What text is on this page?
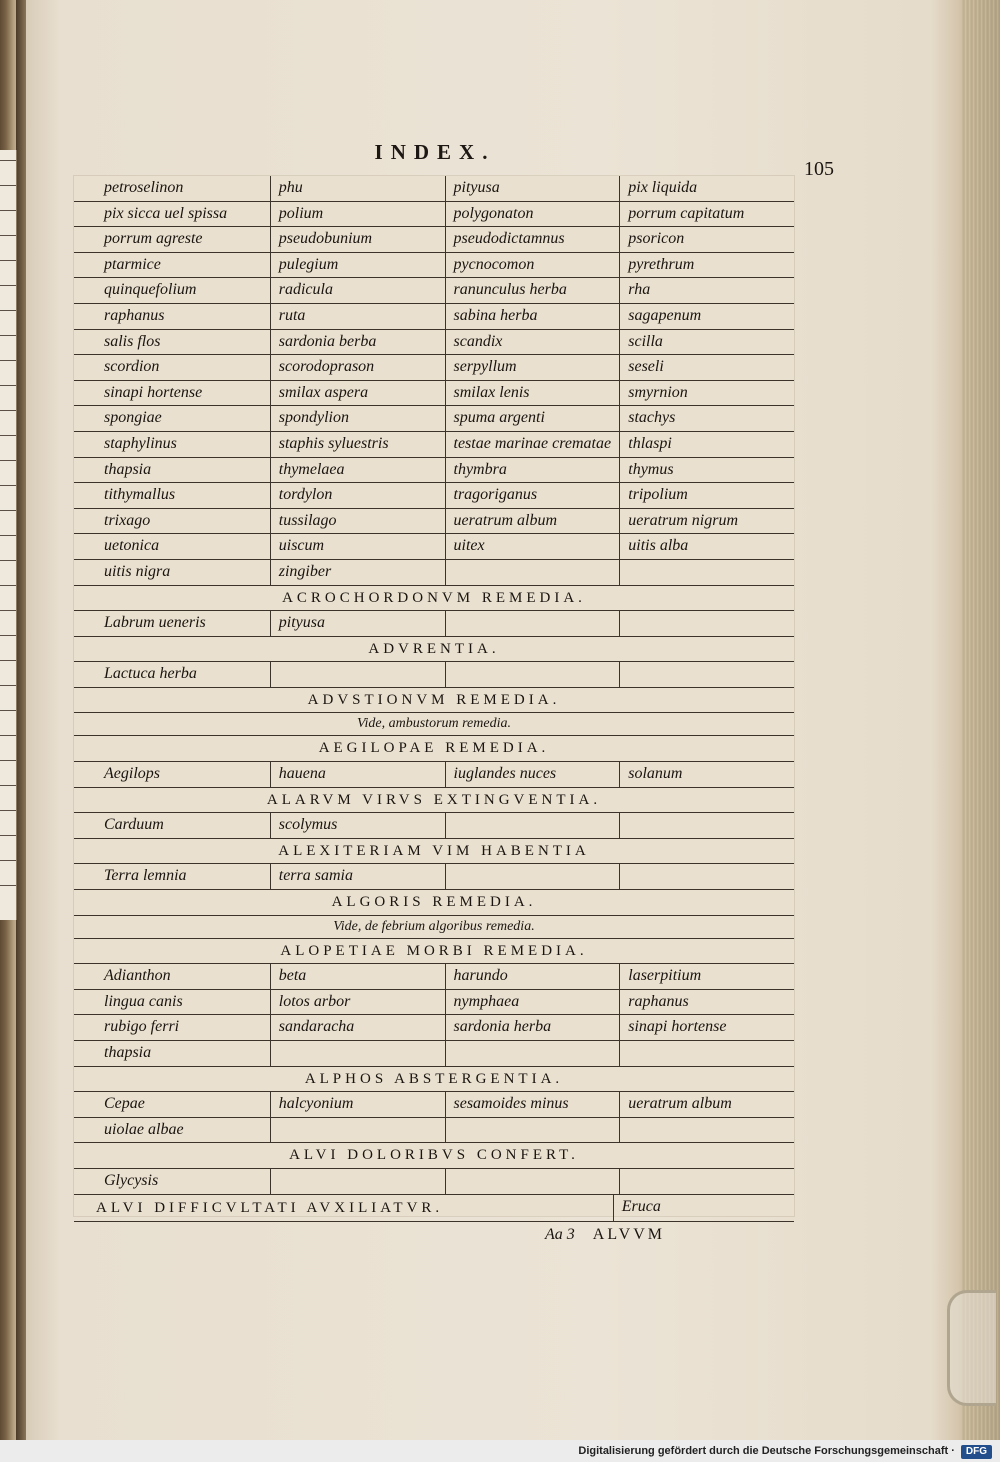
INDEX.
105
petroselinon	phu	pityusa	pix liquida
pix sicca uel spissa	polium	polygonaton	porrum capitatum
porrum agreste	pseudobunium	pseudodictamnus	psoricon
ptarmice	pulegium	pycnocomon	pyrethrum
quinquefolium	radicula	ranunculus herba	rha
raphanus	ruta	sabina herba	sagapenum
salis flos	sardonia berba	scandix	scilla
scordion	scorodoprason	serpyllum	seseli
sinapi hortense	smilax aspera	smilax lenis	smyrnion
spongiae	spondylion	spuma argenti	stachys
staphylinus	staphis syluestris	testae marinae crematae	thlaspi
thapsia	thymelaea	thymbra	thymus
tithymallus	tordylon	tragoriganus	tripolium
trixago	tussilago	ueratrum album	ueratrum nigrum
uetonica	uiscum	uitex	uitis alba
uitis nigra	zingiber
ACROCHORDONVM REMEDIA.
Labrum ueneris	pityusa
ADVRENTIA.
Lactuca herba
ADVSTIONVM REMEDIA.
Vide, ambustorum remedia.
AEGILOPAE REMEDIA.
Aegilops	hauena	iuglandes nuces	solanum
ALARVM VIRVS EXTINGVENTIA.
Carduum	scolymus
ALEXITERIAM VIM HABENTIA
Terra lemnia	terra samia
ALGORIS REMEDIA.
Vide, de febrium algoribus remedia.
ALOPETIAE MORBI REMEDIA.
Adianthon	beta	harundo	laserpitium
lingua canis	lotos arbor	nymphaea	raphanus
rubigo ferri	sandaracha	sardonia herba	sinapi hortense
thapsia
ALPHOS ABSTERGENTIA.
Cepae	halcyonium	sesamoides minus	ueratrum album
uiolae albae
ALVI DOLORIBVS CONFERT.
Glycysis
ALVI DIFFICVLTATI AVXILIATVR.	Eruca
Aa 3 ALVVM
Digitalisierung gefördert durch die Deutsche Forschungsgemeinschaft · DFG
